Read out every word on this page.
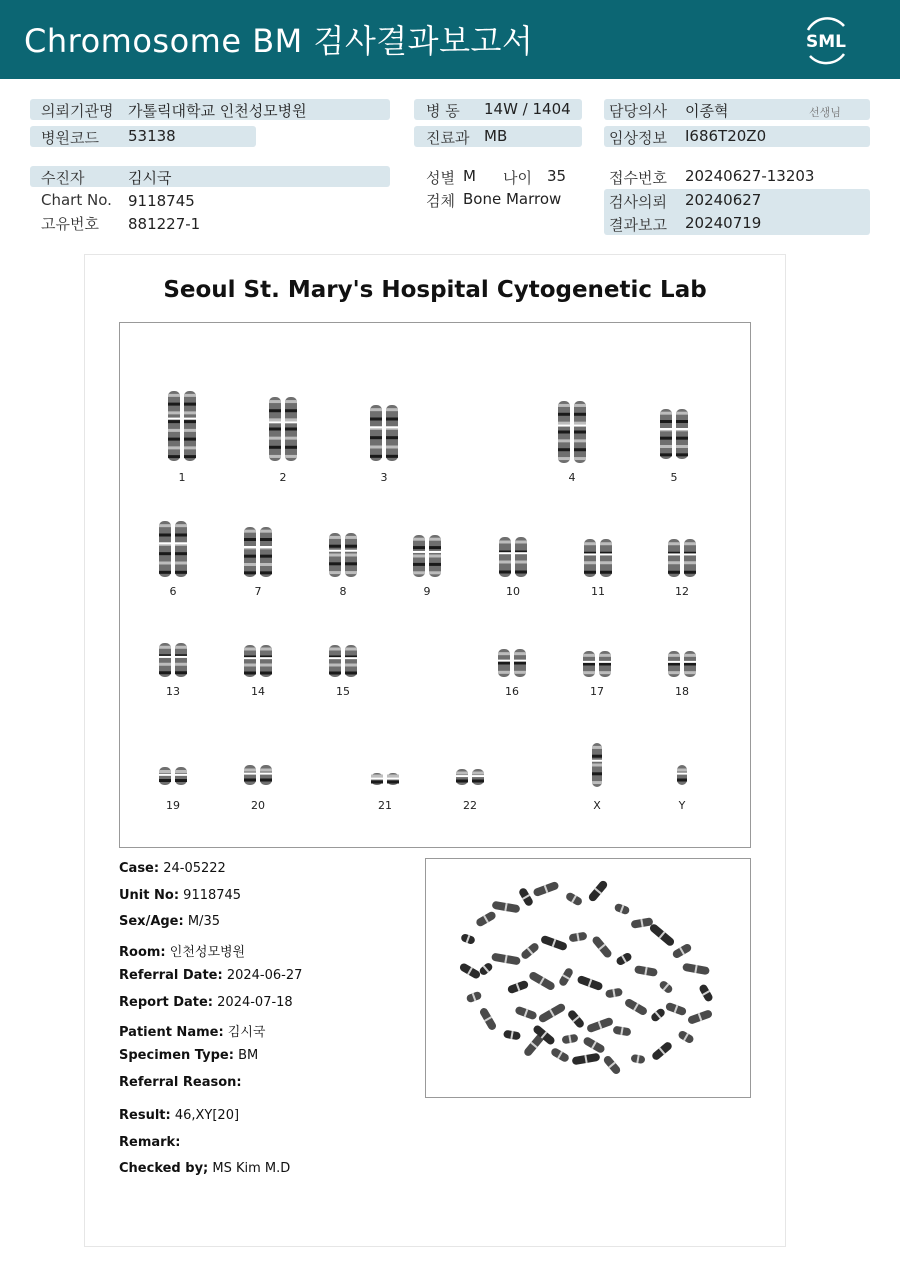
Chromosome BM 검사결과보고서	SML
의뢰기관명 가톨릭대학교 인천성모병원
병원코드 53138
수진자	김시국
Chart No. 9118745
고유번호 881227-1
병 동 14W / 1404
진료과 MB
성별 M 나이 35
검체 Bone Marrow
담당의사 이종혁	선생님
임상정보 I686T20Z0
접수번호 20240627-13203
검사의뢰 20240627
결과보고 20240719
Seoul St. Mary's Hospital Cytogenetic Lab
1	2	3	4	5
6	7	8	9	10	11	12
13	14	15	16	17	18
19	20	21	22	X	Y
Case: 24-05222
Unit No: 9118745
Sex/Age: M/35
Room: 인천성모병원
Referral Date: 2024-06-27
Report Date: 2024-07-18
Patient Name: 김시국
Specimen Type: BM
Referral Reason:
Result: 46,XY[20]
Remark:
Checked by; MS Kim M.D
